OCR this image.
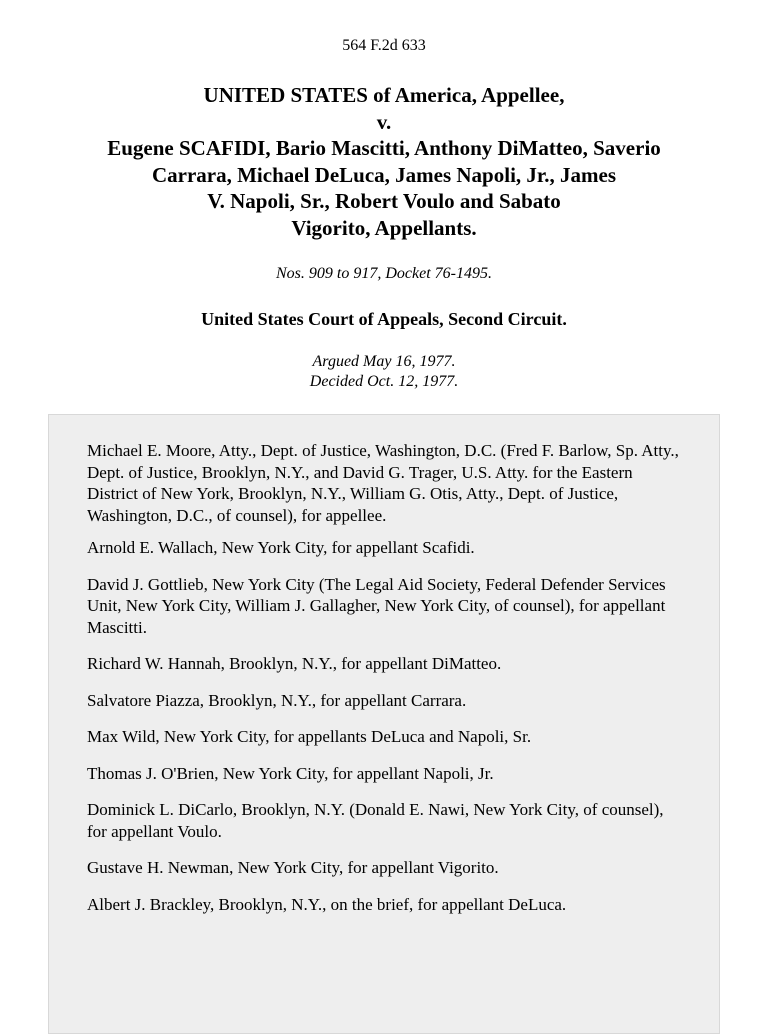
564 F.2d 633
UNITED STATES of America, Appellee,
v.
Eugene SCAFIDI, Bario Mascitti, Anthony DiMatteo, Saverio
Carrara, Michael DeLuca, James Napoli, Jr., James
V. Napoli, Sr., Robert Voulo and Sabato
Vigorito, Appellants.
Nos. 909 to 917, Docket 76-1495.
United States Court of Appeals, Second Circuit.
Argued May 16, 1977.
Decided Oct. 12, 1977.

Michael E. Moore, Atty., Dept. of Justice, Washington, D.C. (Fred F. Barlow, Sp. Atty., Dept. of Justice, Brooklyn, N.Y., and David G. Trager, U.S. Atty. for the Eastern District of New York, Brooklyn, N.Y., William G. Otis, Atty., Dept. of Justice, Washington, D.C., of counsel), for appellee.

Arnold E. Wallach, New York City, for appellant Scafidi.

David J. Gottlieb, New York City (The Legal Aid Society, Federal Defender Services Unit, New York City, William J. Gallagher, New York City, of counsel), for appellant Mascitti.

Richard W. Hannah, Brooklyn, N.Y., for appellant DiMatteo.

Salvatore Piazza, Brooklyn, N.Y., for appellant Carrara.

Max Wild, New York City, for appellants DeLuca and Napoli, Sr.

Thomas J. O'Brien, New York City, for appellant Napoli, Jr.

Dominick L. DiCarlo, Brooklyn, N.Y. (Donald E. Nawi, New York City, of counsel), for appellant Voulo.

Gustave H. Newman, New York City, for appellant Vigorito.

Albert J. Brackley, Brooklyn, N.Y., on the brief, for appellant DeLuca.
